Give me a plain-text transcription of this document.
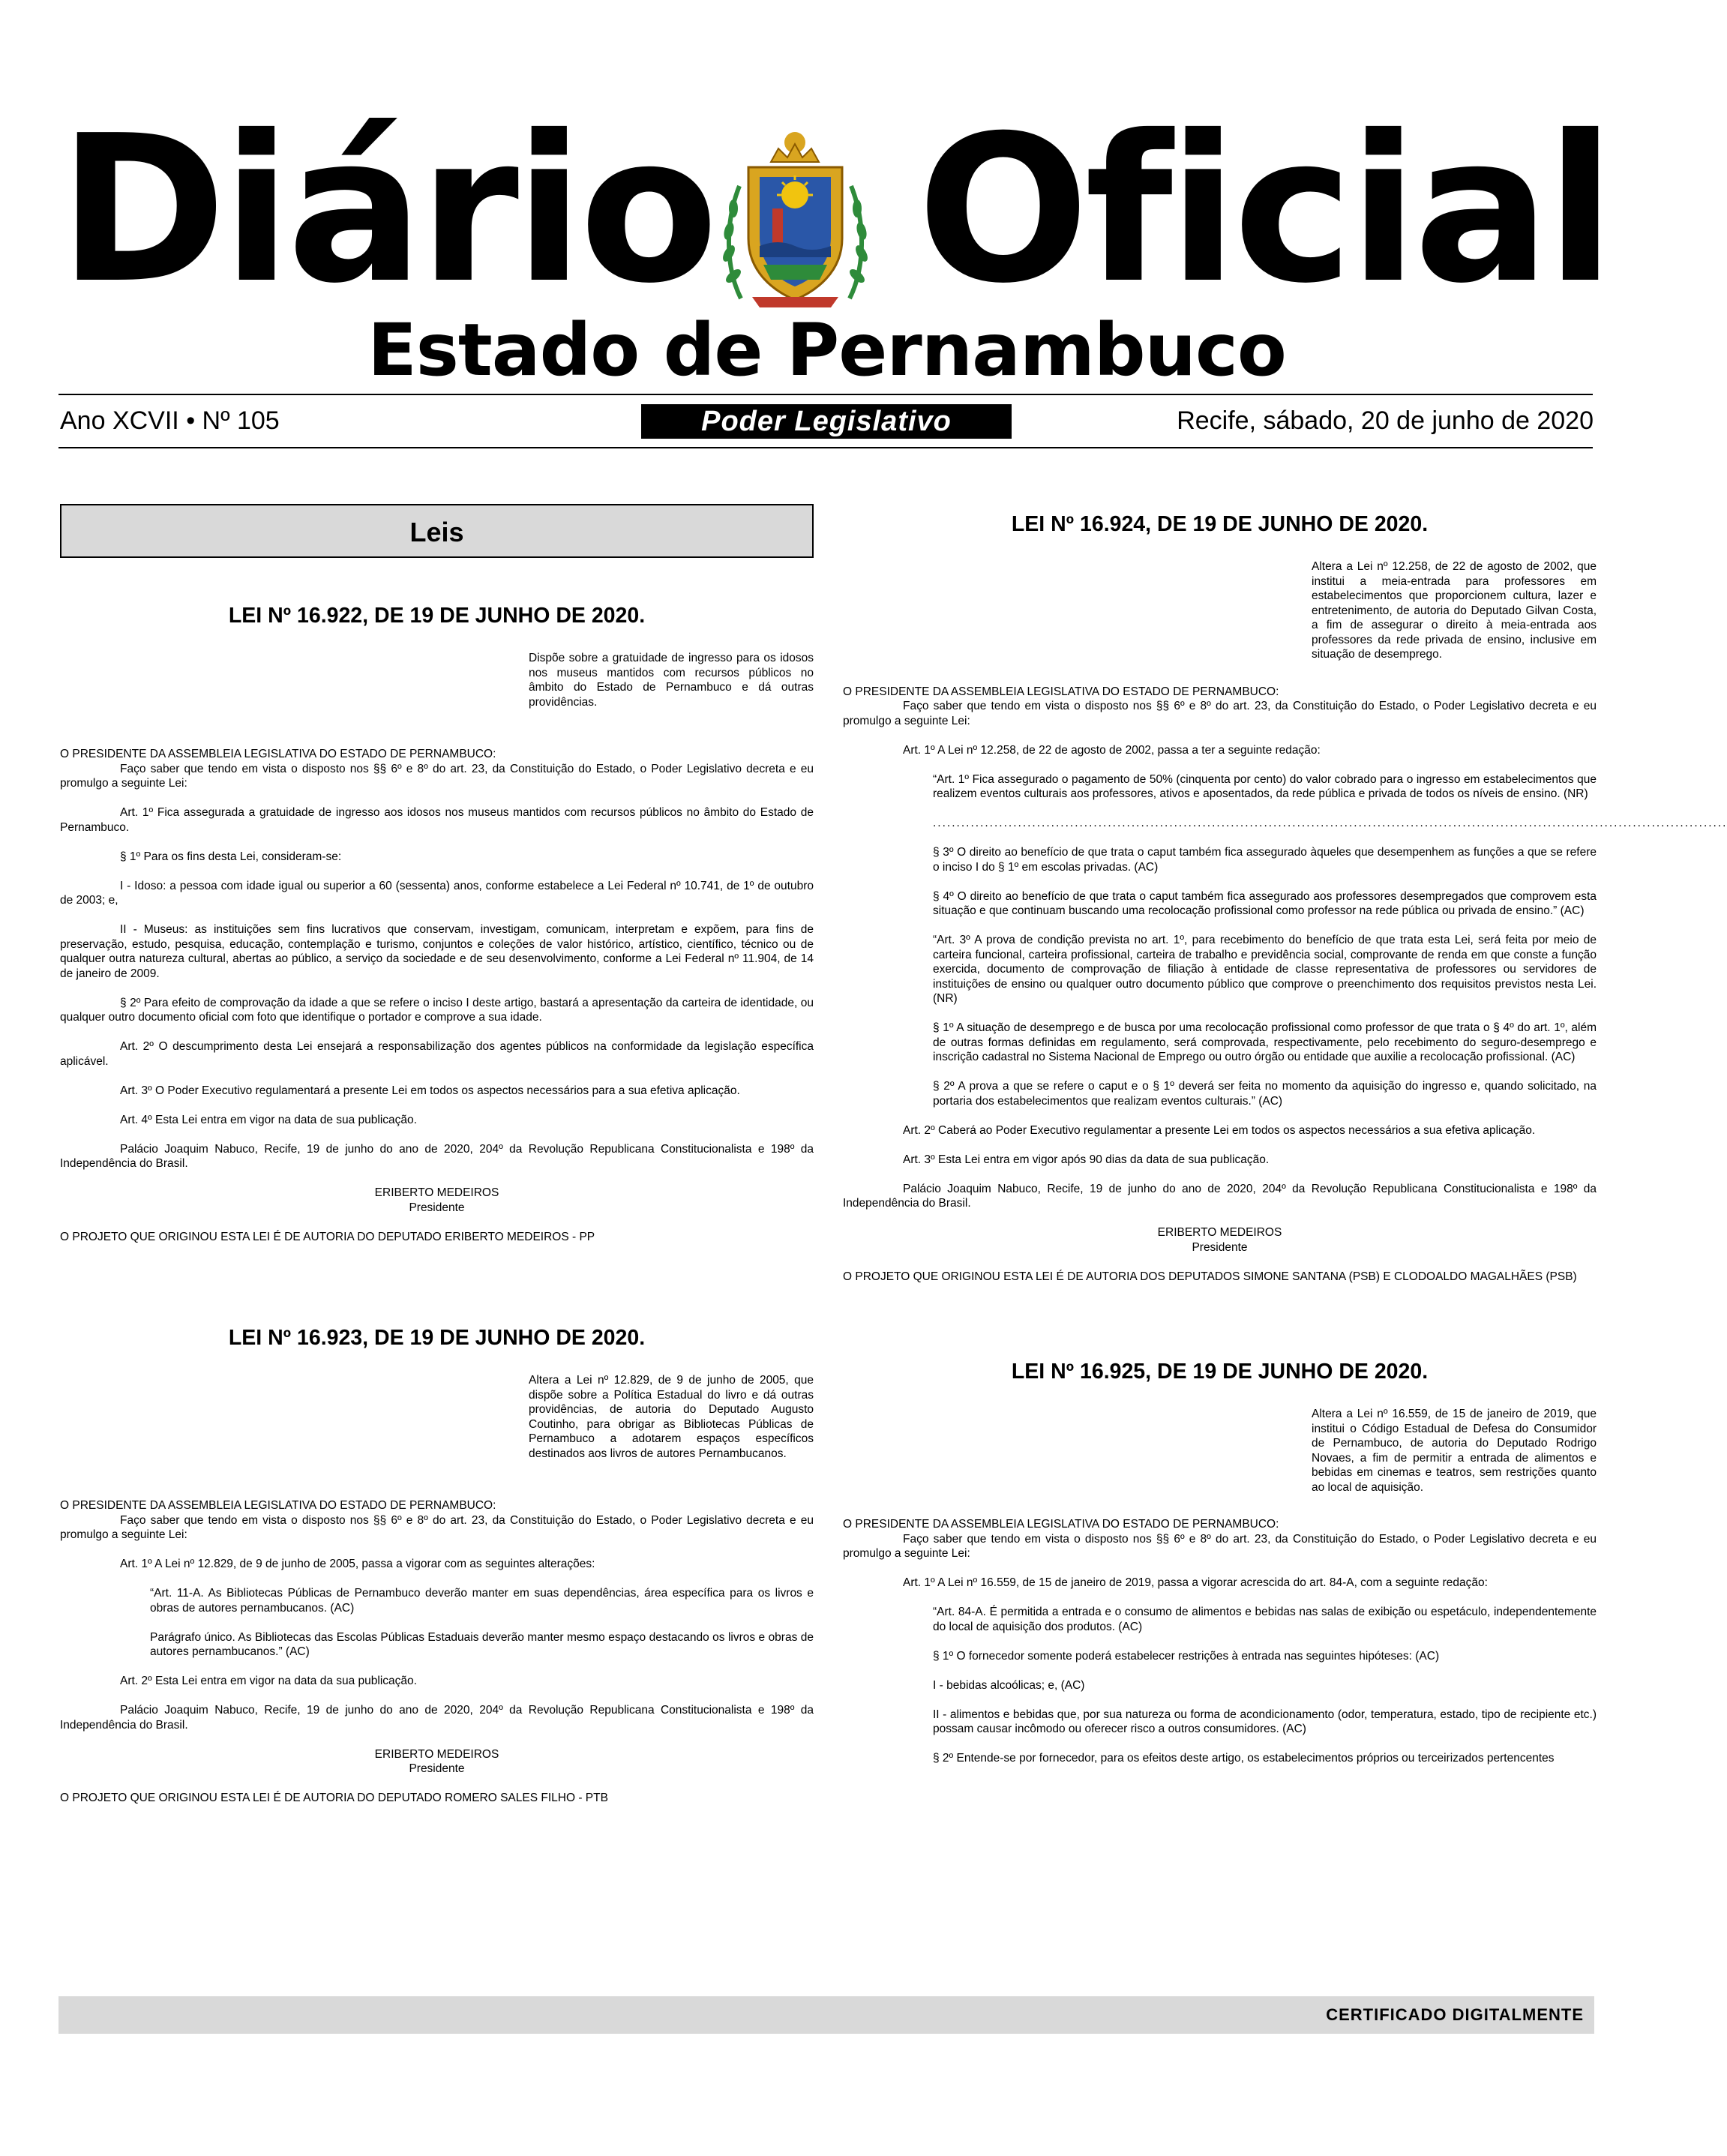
Diário Oficial
Estado de Pernambuco
Ano XCVII • Nº 105	Poder Legislativo	Recife, sábado, 20 de junho de 2020
Leis
LEI Nº 16.922, DE 19 DE JUNHO DE 2020.
Dispõe sobre a gratuidade de ingresso para os idosos nos museus mantidos com recursos públicos no âmbito do Estado de Pernambuco e dá outras providências.
O PRESIDENTE DA ASSEMBLEIA LEGISLATIVA DO ESTADO DE PERNAMBUCO:
Faço saber que tendo em vista o disposto nos §§ 6º e 8º do art. 23, da Constituição do Estado, o Poder Legislativo decreta e eu promulgo a seguinte Lei:
Art. 1º Fica assegurada a gratuidade de ingresso aos idosos nos museus mantidos com recursos públicos no âmbito do Estado de Pernambuco.
§ 1º Para os fins desta Lei, consideram-se:
I - Idoso: a pessoa com idade igual ou superior a 60 (sessenta) anos, conforme estabelece a Lei Federal nº 10.741, de 1º de outubro de 2003; e,
II - Museus: as instituições sem fins lucrativos que conservam, investigam, comunicam, interpretam e expõem, para fins de preservação, estudo, pesquisa, educação, contemplação e turismo, conjuntos e coleções de valor histórico, artístico, científico, técnico ou de qualquer outra natureza cultural, abertas ao público, a serviço da sociedade e de seu desenvolvimento, conforme a Lei Federal nº 11.904, de 14 de janeiro de 2009.
§ 2º Para efeito de comprovação da idade a que se refere o inciso I deste artigo, bastará a apresentação da carteira de identidade, ou qualquer outro documento oficial com foto que identifique o portador e comprove a sua idade.
Art. 2º O descumprimento desta Lei ensejará a responsabilização dos agentes públicos na conformidade da legislação específica aplicável.
Art. 3º O Poder Executivo regulamentará a presente Lei em todos os aspectos necessários para a sua efetiva aplicação.
Art. 4º Esta Lei entra em vigor na data de sua publicação.
Palácio Joaquim Nabuco, Recife, 19 de junho do ano de 2020, 204º da Revolução Republicana Constitucionalista e 198º da Independência do Brasil.
ERIBERTO MEDEIROS
Presidente
O PROJETO QUE ORIGINOU ESTA LEI É DE AUTORIA DO DEPUTADO ERIBERTO MEDEIROS - PP
LEI Nº 16.923, DE 19 DE JUNHO DE 2020.
Altera a Lei nº 12.829, de 9 de junho de 2005, que dispõe sobre a Política Estadual do livro e dá outras providências, de autoria do Deputado Augusto Coutinho, para obrigar as Bibliotecas Públicas de Pernambuco a adotarem espaços específicos destinados aos livros de autores Pernambucanos.
O PRESIDENTE DA ASSEMBLEIA LEGISLATIVA DO ESTADO DE PERNAMBUCO:
Faço saber que tendo em vista o disposto nos §§ 6º e 8º do art. 23, da Constituição do Estado, o Poder Legislativo decreta e eu promulgo a seguinte Lei:
Art. 1º A Lei nº 12.829, de 9 de junho de 2005, passa a vigorar com as seguintes alterações:
“Art. 11-A. As Bibliotecas Públicas de Pernambuco deverão manter em suas dependências, área específica para os livros e obras de autores pernambucanos. (AC)
Parágrafo único. As Bibliotecas das Escolas Públicas Estaduais deverão manter mesmo espaço destacando os livros e obras de autores pernambucanos.” (AC)
Art. 2º Esta Lei entra em vigor na data da sua publicação.
Palácio Joaquim Nabuco, Recife, 19 de junho do ano de 2020, 204º da Revolução Republicana Constitucionalista e 198º da Independência do Brasil.
ERIBERTO MEDEIROS
Presidente
O PROJETO QUE ORIGINOU ESTA LEI É DE AUTORIA DO DEPUTADO ROMERO SALES FILHO - PTB
LEI Nº 16.924, DE 19 DE JUNHO DE 2020.
Altera a Lei nº 12.258, de 22 de agosto de 2002, que institui a meia-entrada para professores em estabelecimentos que proporcionem cultura, lazer e entretenimento, de autoria do Deputado Gilvan Costa, a fim de assegurar o direito à meia-entrada aos professores da rede privada de ensino, inclusive em situação de desemprego.
O PRESIDENTE DA ASSEMBLEIA LEGISLATIVA DO ESTADO DE PERNAMBUCO:
Faço saber que tendo em vista o disposto nos §§ 6º e 8º do art. 23, da Constituição do Estado, o Poder Legislativo decreta e eu promulgo a seguinte Lei:
Art. 1º A Lei nº 12.258, de 22 de agosto de 2002, passa a ter a seguinte redação:
“Art. 1º Fica assegurado o pagamento de 50% (cinquenta por cento) do valor cobrado para o ingresso em estabelecimentos que realizem eventos culturais aos professores, ativos e aposentados, da rede pública e privada de todos os níveis de ensino. (NR)
........................................................................................................................................................................
§ 3º O direito ao benefício de que trata o caput também fica assegurado àqueles que desempenhem as funções a que se refere o inciso I do § 1º em escolas privadas. (AC)
§ 4º O direito ao benefício de que trata o caput também fica assegurado aos professores desempregados que comprovem esta situação e que continuam buscando uma recolocação profissional como professor na rede pública ou privada de ensino.” (AC)
“Art. 3º A prova de condição prevista no art. 1º, para recebimento do benefício de que trata esta Lei, será feita por meio de carteira funcional, carteira profissional, carteira de trabalho e previdência social, comprovante de renda em que conste a função exercida, documento de comprovação de filiação à entidade de classe representativa de professores ou servidores de instituições de ensino ou qualquer outro documento público que comprove o preenchimento dos requisitos previstos nesta Lei. (NR)
§ 1º A situação de desemprego e de busca por uma recolocação profissional como professor de que trata o § 4º do art. 1º, além de outras formas definidas em regulamento, será comprovada, respectivamente, pelo recebimento do seguro-desemprego e inscrição cadastral no Sistema Nacional de Emprego ou outro órgão ou entidade que auxilie a recolocação profissional. (AC)
§ 2º A prova a que se refere o caput e o § 1º deverá ser feita no momento da aquisição do ingresso e, quando solicitado, na portaria dos estabelecimentos que realizam eventos culturais.” (AC)
Art. 2º Caberá ao Poder Executivo regulamentar a presente Lei em todos os aspectos necessários a sua efetiva aplicação.
Art. 3º Esta Lei entra em vigor após 90 dias da data de sua publicação.
Palácio Joaquim Nabuco, Recife, 19 de junho do ano de 2020, 204º da Revolução Republicana Constitucionalista e 198º da Independência do Brasil.
ERIBERTO MEDEIROS
Presidente
O PROJETO QUE ORIGINOU ESTA LEI É DE AUTORIA DOS DEPUTADOS SIMONE SANTANA (PSB) E CLODOALDO MAGALHÃES (PSB)
LEI Nº 16.925, DE 19 DE JUNHO DE 2020.
Altera a Lei nº 16.559, de 15 de janeiro de 2019, que institui o Código Estadual de Defesa do Consumidor de Pernambuco, de autoria do Deputado Rodrigo Novaes, a fim de permitir a entrada de alimentos e bebidas em cinemas e teatros, sem restrições quanto ao local de aquisição.
O PRESIDENTE DA ASSEMBLEIA LEGISLATIVA DO ESTADO DE PERNAMBUCO:
Faço saber que tendo em vista o disposto nos §§ 6º e 8º do art. 23, da Constituição do Estado, o Poder Legislativo decreta e eu promulgo a seguinte Lei:
Art. 1º A Lei nº 16.559, de 15 de janeiro de 2019, passa a vigorar acrescida do art. 84-A, com a seguinte redação:
“Art. 84-A. É permitida a entrada e o consumo de alimentos e bebidas nas salas de exibição ou espetáculo, independentemente do local de aquisição dos produtos. (AC)
§ 1º O fornecedor somente poderá estabelecer restrições à entrada nas seguintes hipóteses: (AC)
I - bebidas alcoólicas; e, (AC)
II - alimentos e bebidas que, por sua natureza ou forma de acondicionamento (odor, temperatura, estado, tipo de recipiente etc.) possam causar incômodo ou oferecer risco a outros consumidores. (AC)
§ 2º Entende-se por fornecedor, para os efeitos deste artigo, os estabelecimentos próprios ou terceirizados pertencentes
CERTIFICADO DIGITALMENTE
